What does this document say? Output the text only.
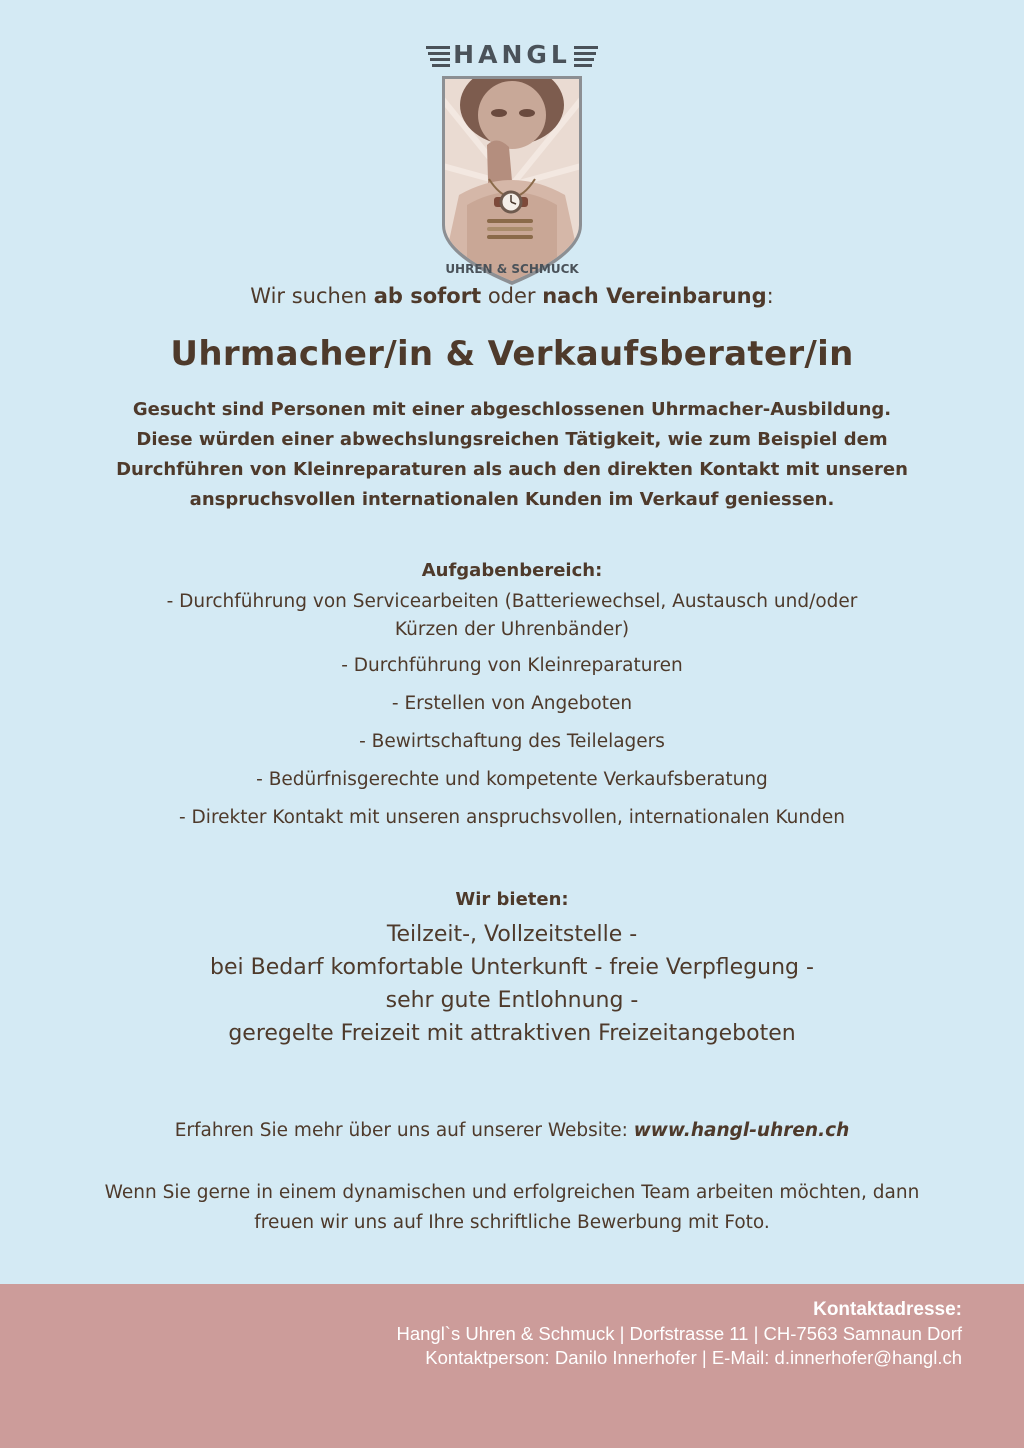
HANGL
UHREN & SCHMUCK
Wir suchen ab sofort oder nach Vereinbarung:
Uhrmacher/in & Verkaufsberater/in
Gesucht sind Personen mit einer abgeschlossenen Uhrmacher-Ausbildung.
Diese würden einer abwechslungsreichen Tätigkeit, wie zum Beispiel dem
Durchführen von Kleinreparaturen als auch den direkten Kontakt mit unseren
anspruchsvollen internationalen Kunden im Verkauf geniessen.
Aufgabenbereich:
- Durchführung von Servicearbeiten (Batteriewechsel, Austausch und/oder
Kürzen der Uhrenbänder)
- Durchführung von Kleinreparaturen
- Erstellen von Angeboten
- Bewirtschaftung des Teilelagers
- Bedürfnisgerechte und kompetente Verkaufsberatung
- Direkter Kontakt mit unseren anspruchsvollen, internationalen Kunden
Wir bieten:
Teilzeit-, Vollzeitstelle -
bei Bedarf komfortable Unterkunft - freie Verpflegung -
sehr gute Entlohnung -
geregelte Freizeit mit attraktiven Freizeitangeboten
Erfahren Sie mehr über uns auf unserer Website: www.hangl-uhren.ch
Wenn Sie gerne in einem dynamischen und erfolgreichen Team arbeiten möchten, dann
freuen wir uns auf Ihre schriftliche Bewerbung mit Foto.
Kontaktadresse:
Hangl`s Uhren & Schmuck | Dorfstrasse 11 | CH-7563 Samnaun Dorf
Kontaktperson: Danilo Innerhofer | E-Mail: d.innerhofer@hangl.ch
